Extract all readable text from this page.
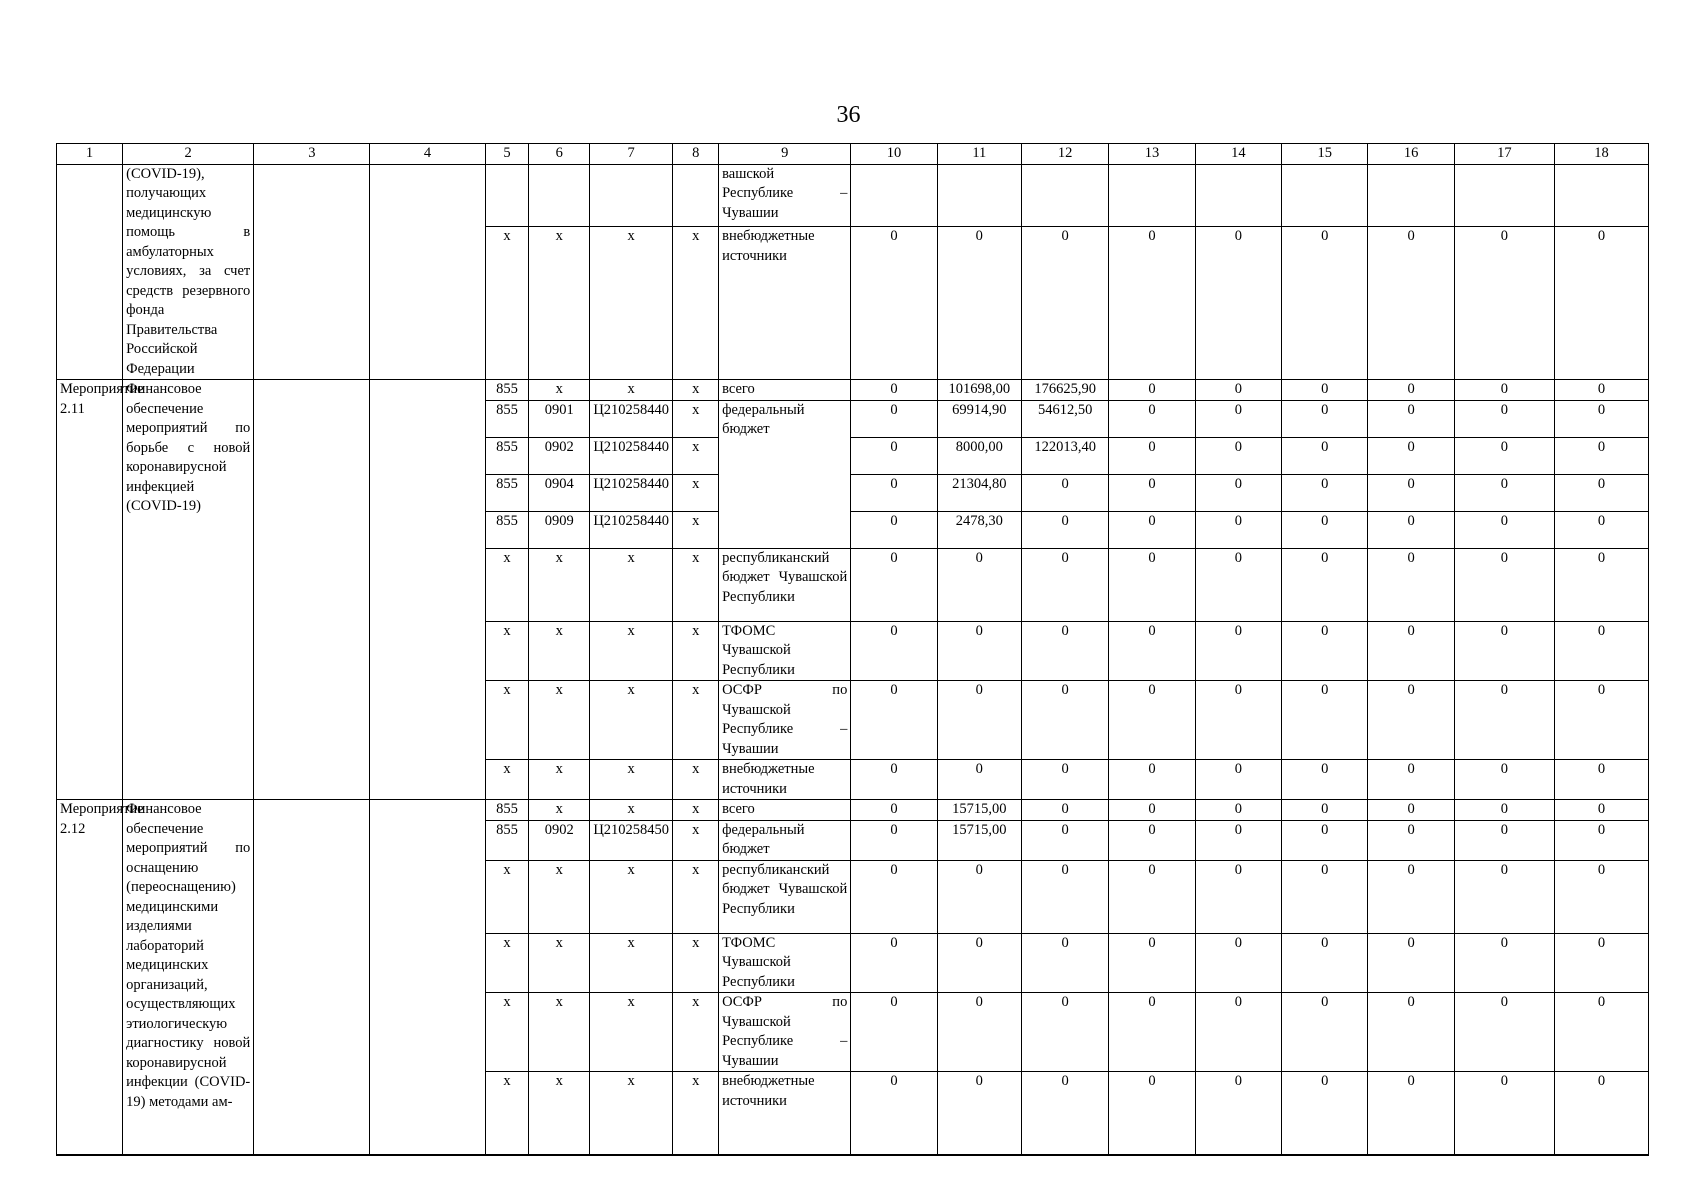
36
1	2	3	4	5	6	7	8	9	10	11	12	13	14	15	16	17	18
	(COVID-19), получающих медицинскую помощь в амбулаторных условиях, за счет средств резервного фонда Правительства Российской Федерации							вашской Республике – Чувашии									
				x	x	x	x	внебюджетные источники	0	0	0	0	0	0	0	0	0
Мероприятие 2.11	Финансовое обеспечение мероприятий по борьбе с новой коронавирусной инфекцией (COVID-19)			855	x	x	x	всего	0	101698,00	176625,90	0	0	0	0	0	0
				855	0901	Ц210258440	x	федеральный бюджет	0	69914,90	54612,50	0	0	0	0	0	0
				855	0902	Ц210258440	x		0	8000,00	122013,40	0	0	0	0	0	0
				855	0904	Ц210258440	x		0	21304,80	0	0	0	0	0	0	0
				855	0909	Ц210258440	x		0	2478,30	0	0	0	0	0	0	0
				x	x	x	x	республиканский бюджет Чувашской Республики	0	0	0	0	0	0	0	0	0
				x	x	x	x	ТФОМС Чувашской Республики	0	0	0	0	0	0	0	0	0
				x	x	x	x	ОСФР по Чувашской Республике – Чувашии	0	0	0	0	0	0	0	0	0
				x	x	x	x	внебюджетные источники	0	0	0	0	0	0	0	0	0
Мероприятие 2.12	Финансовое обеспечение мероприятий по оснащению (переоснащению) медицинскими изделиями лабораторий медицинских организаций, осуществляющих этиологическую диагностику новой коронавирусной инфекции (COVID-19) методами ам-			855	x	x	x	всего	0	15715,00	0	0	0	0	0	0	0
				855	0902	Ц210258450	x	федеральный бюджет	0	15715,00	0	0	0	0	0	0	0
				x	x	x	x	республиканский бюджет Чувашской Республики	0	0	0	0	0	0	0	0	0
				x	x	x	x	ТФОМС Чувашской Республики	0	0	0	0	0	0	0	0	0
				x	x	x	x	ОСФР по Чувашской Республике – Чувашии	0	0	0	0	0	0	0	0	0
				x	x	x	x	внебюджетные источники	0	0	0	0	0	0	0	0	0
